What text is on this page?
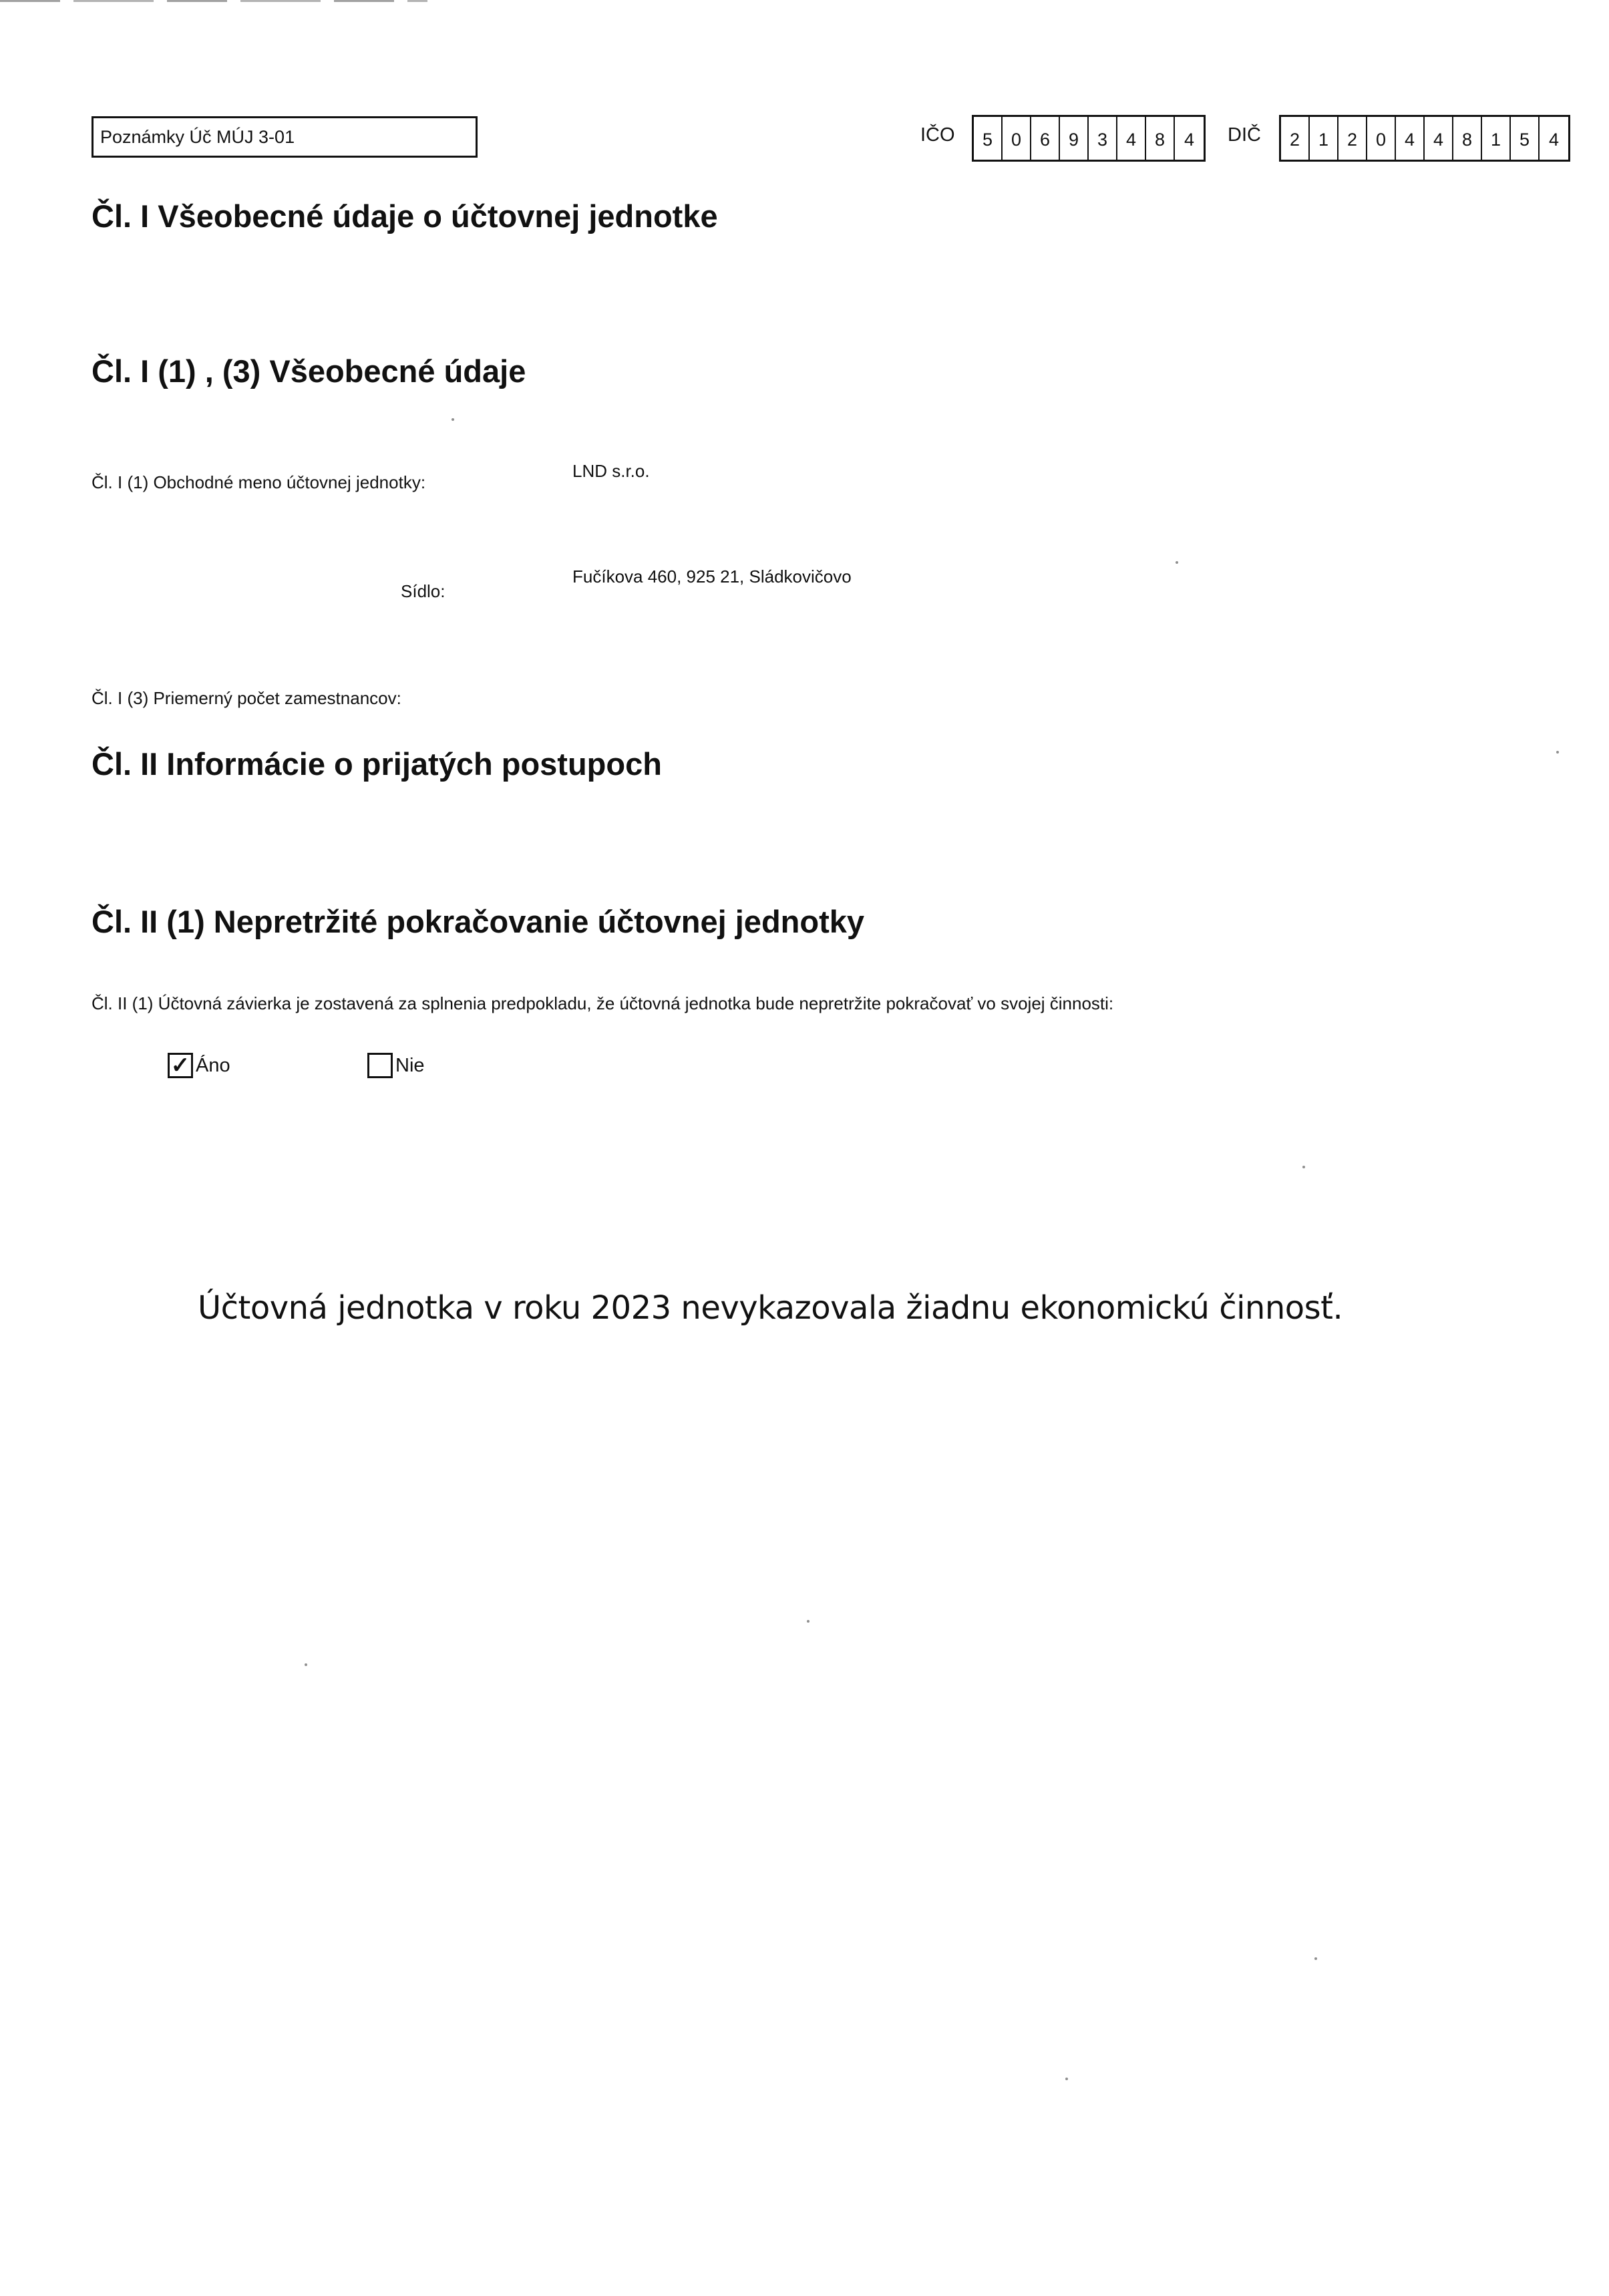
Poznámky Úč MÚJ 3-01	IČO	5	0	6	9	3	4	8	4	DIČ	2	1	2	0	4	4	8	1	5	4
Čl. I Všeobecné údaje o účtovnej jednotke
Čl. I (1) , (3) Všeobecné údaje
Čl. I (1) Obchodné meno účtovnej jednotky:
LND s.r.o.
Sídlo:
Fučíkova 460, 925 21, Sládkovičovo
Čl. I (3) Priemerný počet zamestnancov:
Čl. II Informácie o prijatých postupoch
Čl. II (1) Nepretržité pokračovanie účtovnej jednotky
Čl. II (1) Účtovná závierka je zostavená za splnenia predpokladu, že účtovná jednotka bude nepretržite pokračovať vo svojej činnosti:
✓ Áno	Nie
Účtovná jednotka v roku 2023 nevykazovala žiadnu ekonomickú činnosť.
